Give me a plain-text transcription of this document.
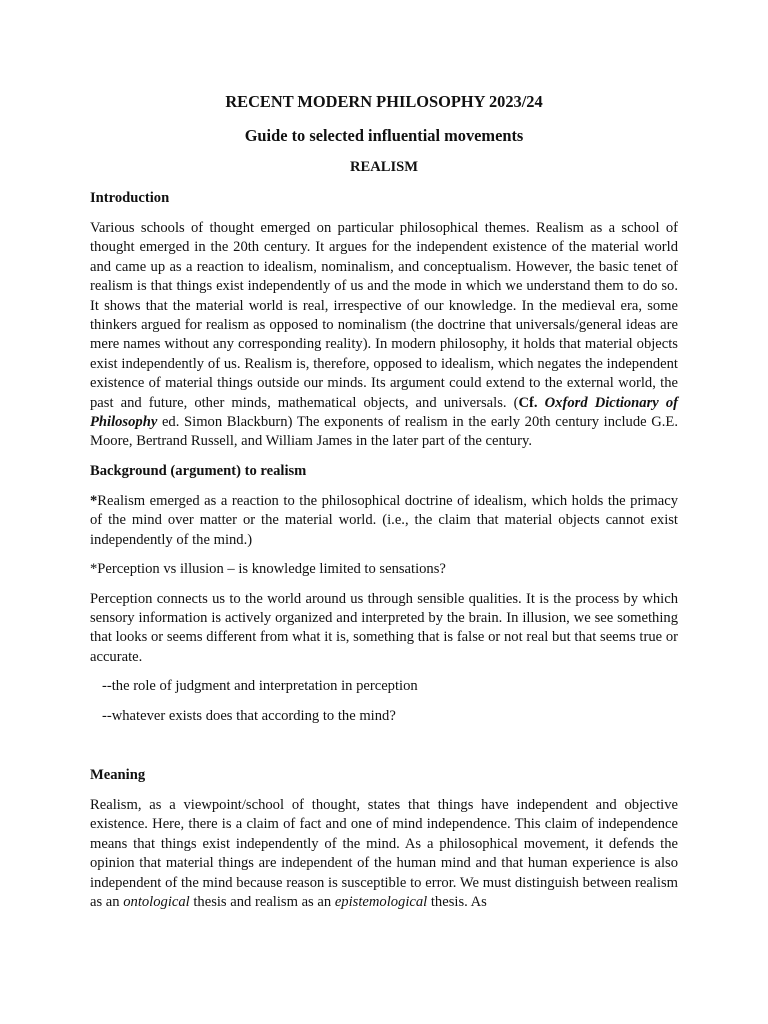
RECENT MODERN PHILOSOPHY 2023/24
Guide to selected influential movements
REALISM
Introduction

Various schools of thought emerged on particular philosophical themes. Realism as a school of thought emerged in the 20th century. It argues for the independent existence of the material world and came up as a reaction to idealism, nominalism, and conceptualism. However, the basic tenet of realism is that things exist independently of us and the mode in which we understand them to do so. It shows that the material world is real, irrespective of our knowledge. In the medieval era, some thinkers argued for realism as opposed to nominalism (the doctrine that universals/general ideas are mere names without any corresponding reality). In modern philosophy, it holds that material objects exist independently of us. Realism is, therefore, opposed to idealism, which negates the independent existence of material things outside our minds. Its argument could extend to the external world, the past and future, other minds, mathematical objects, and universals. (Cf. Oxford Dictionary of Philosophy ed. Simon Blackburn) The exponents of realism in the early 20th century include G.E. Moore, Bertrand Russell, and William James in the later part of the century.

Background (argument) to realism

*Realism emerged as a reaction to the philosophical doctrine of idealism, which holds the primacy of the mind over matter or the material world. (i.e., the claim that material objects cannot exist independently of the mind.)

*Perception vs illusion – is knowledge limited to sensations?

Perception connects us to the world around us through sensible qualities. It is the process by which sensory information is actively organized and interpreted by the brain. In illusion, we see something that looks or seems different from what it is, something that is false or not real but that seems true or accurate.

--the role of judgment and interpretation in perception
--whatever exists does that according to the mind?
Meaning

Realism, as a viewpoint/school of thought, states that things have independent and objective existence. Here, there is a claim of fact and one of mind independence. This claim of independence means that things exist independently of the mind. As a philosophical movement, it defends the opinion that material things are independent of the human mind and that human experience is also independent of the mind because reason is susceptible to error. We must distinguish between realism as an ontological thesis and realism as an epistemological thesis. As
